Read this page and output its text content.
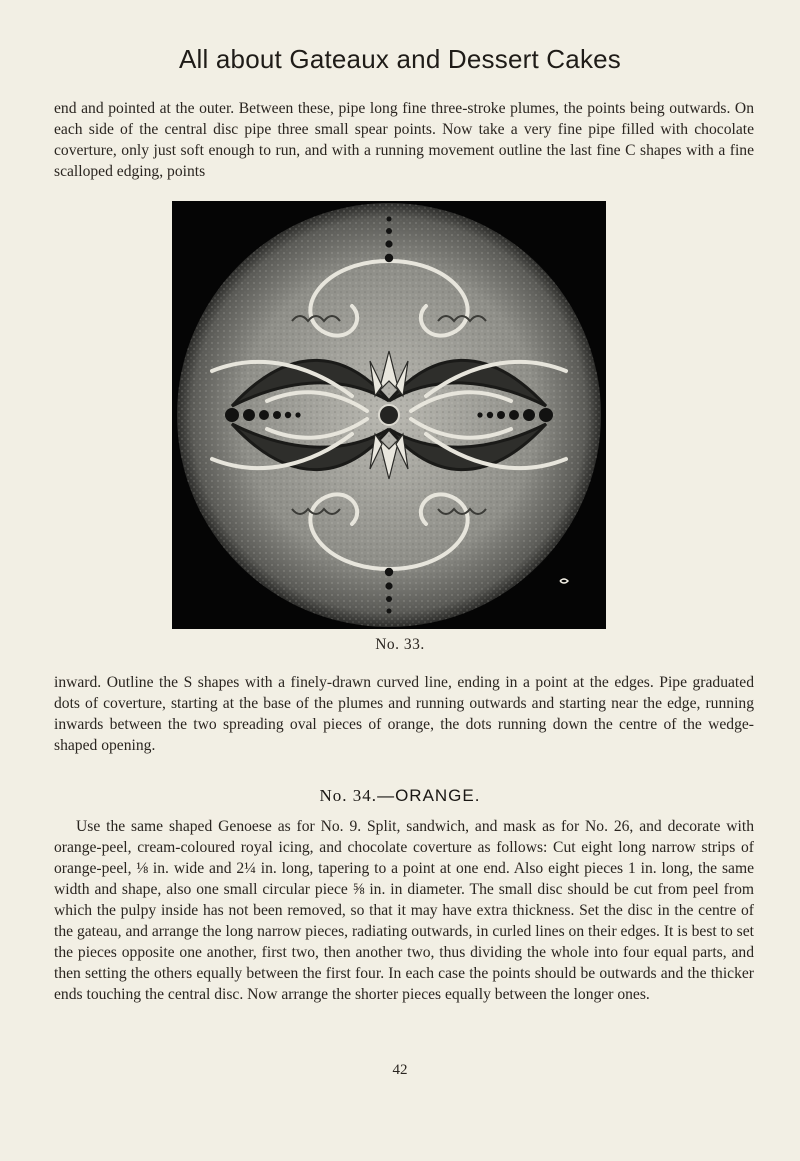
All about Gateaux and Dessert Cakes

end and pointed at the outer. Between these, pipe long fine three-stroke plumes, the points being outwards. On each side of the central disc pipe three small spear points. Now take a very fine pipe filled with chocolate coverture, only just soft enough to run, and with a running movement outline the last fine C shapes with a fine scalloped edging, points

No. 33.

inward. Outline the S shapes with a finely-drawn curved line, ending in a point at the edges. Pipe graduated dots of coverture, starting at the base of the plumes and running outwards and starting near the edge, running inwards between the two spreading oval pieces of orange, the dots running down the centre of the wedge-shaped opening.

No. 34.—ORANGE.

Use the same shaped Genoese as for No. 9. Split, sandwich, and mask as for No. 26, and decorate with orange-peel, cream-coloured royal icing, and chocolate coverture as follows: Cut eight long narrow strips of orange-peel, ⅛ in. wide and 2¼ in. long, tapering to a point at one end. Also eight pieces 1 in. long, the same width and shape, also one small circular piece ⅝ in. in diameter. The small disc should be cut from peel from which the pulpy inside has not been removed, so that it may have extra thickness. Set the disc in the centre of the gateau, and arrange the long narrow pieces, radiating outwards, in curled lines on their edges. It is best to set the pieces opposite one another, first two, then another two, thus dividing the whole into four equal parts, and then setting the others equally between the first four. In each case the points should be outwards and the thicker ends touching the central disc. Now arrange the shorter pieces equally between the longer ones.

42
